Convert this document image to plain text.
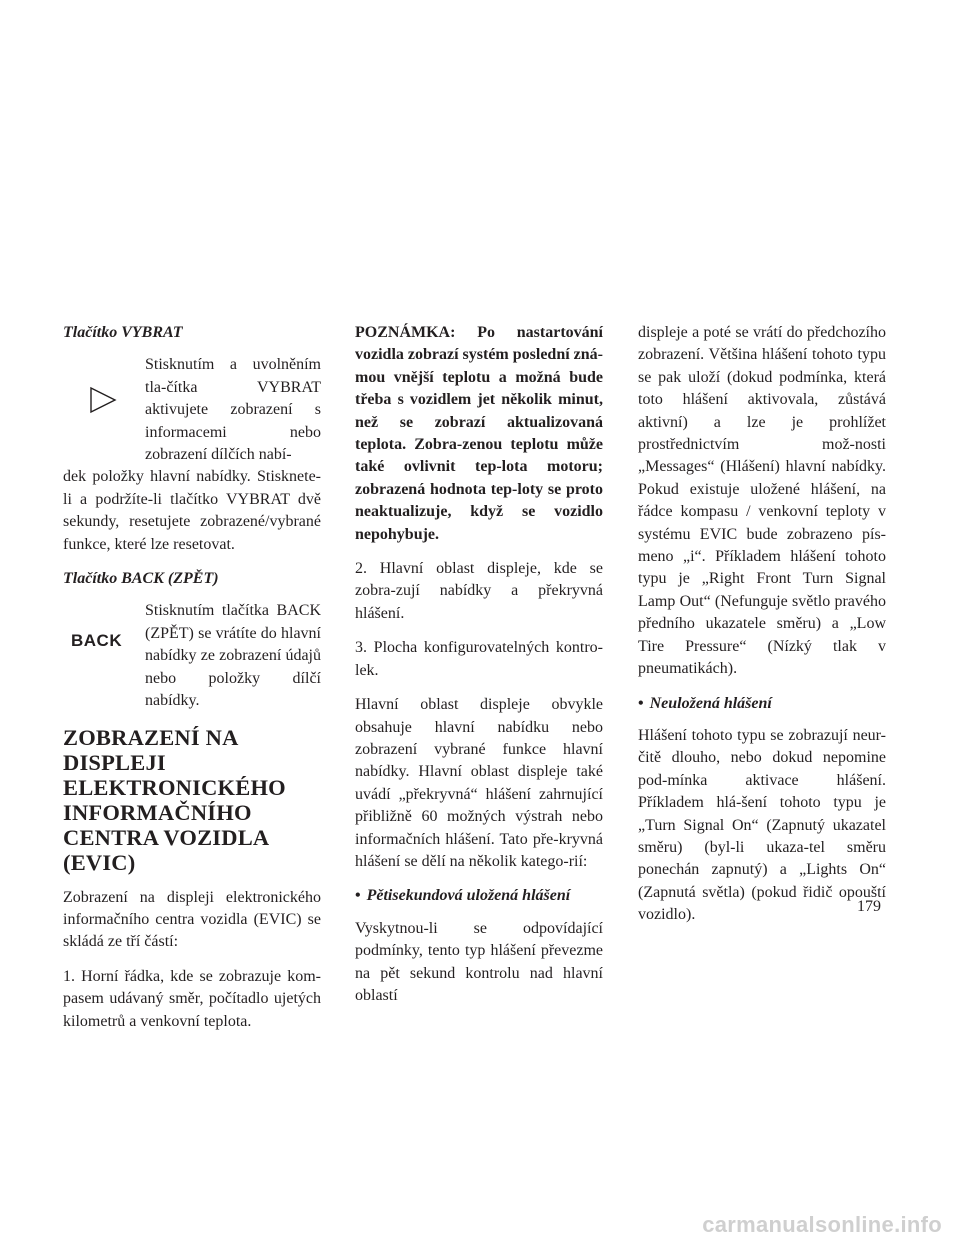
Tlačítko VYBRAT

Stisknutím a uvolněním tla-čítka VYBRAT aktivujete zobrazení s informacemi nebo zobrazení dílčích nabí-

dek položky hlavní nabídky. Stisknete-li a podržíte-li tlačítko VYBRAT dvě sekundy, resetujete zobrazené/vybrané funkce, které lze resetovat.

Tlačítko BACK (ZPĚT)

BACK

Stisknutím tlačítka BACK (ZPĚT) se vrátíte do hlavní nabídky ze zobrazení údajů nebo položky dílčí nabídky.

ZOBRAZENÍ NA DISPLEJI
ELEKTRONICKÉHO
INFORMAČNÍHO
CENTRA VOZIDLA (EVIC)

Zobrazení na displeji elektronického informačního centra vozidla (EVIC) se skládá ze tří částí:

1. Horní řádka, kde se zobrazuje kom-pasem udávaný směr, počítadlo ujetých kilometrů a venkovní teplota.

POZNÁMKA: Po nastartování vozidla zobrazí systém poslední zná-mou vnější teplotu a možná bude třeba s vozidlem jet několik minut, než se zobrazí aktualizovaná teplota. Zobra-zenou teplotu může také ovlivnit tep-lota motoru; zobrazená hodnota tep-loty se proto neaktualizuje, když se vozidlo nepohybuje.

2. Hlavní oblast displeje, kde se zobra-zují nabídky a překryvná hlášení.

3. Plocha konfigurovatelných kontro-lek.

Hlavní oblast displeje obvykle obsahuje hlavní nabídku nebo zobrazení vybrané funkce hlavní nabídky. Hlavní oblast displeje také uvádí „překryvná“ hlášení zahrnující přibližně 60 možných výstrah nebo informačních hlášení. Tato pře-kryvná hlášení se dělí na několik katego-rií:

• Pětisekundová uložená hlášení

Vyskytnou-li se odpovídající podmínky, tento typ hlášení převezme na pět sekund kontrolu nad hlavní oblastí

displeje a poté se vrátí do předchozího zobrazení. Většina hlášení tohoto typu se pak uloží (dokud podmínka, která toto hlášení aktivovala, zůstává aktivní) a lze je prohlížet prostřednictvím mož-nosti „Messages“ (Hlášení) hlavní nabídky. Pokud existuje uložené hlášení, na řádce kompasu / venkovní teploty v systému EVIC bude zobrazeno pís-meno „i“. Příkladem hlášení tohoto typu je „Right Front Turn Signal Lamp Out“ (Nefunguje světlo pravého předního ukazatele směru) a „Low Tire Pressure“ (Nízký tlak v pneumatikách).

• Neuložená hlášení

Hlášení tohoto typu se zobrazují neur-čitě dlouho, nebo dokud nepomine pod-mínka aktivace hlášení. Příkladem hlá-šení tohoto typu je „Turn Signal On“ (Zapnutý ukazatel směru) (byl-li ukaza-tel směru ponechán zapnutý) a „Lights On“ (Zapnutá světla) (pokud řidič opouští vozidlo).	179
carmanualsonline.info
